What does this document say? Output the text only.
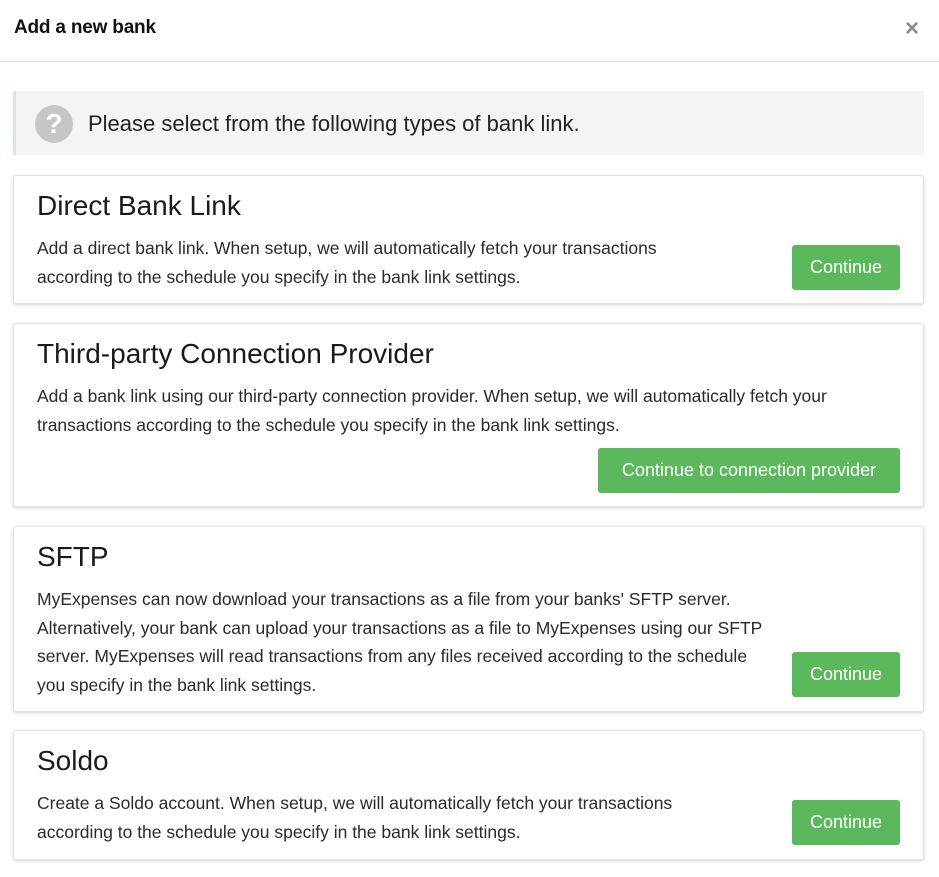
Add a new bank	×
?	Please select from the following types of bank link.
Direct Bank Link
Add a direct bank link. When setup, we will automatically fetch your transactions according to the schedule you specify in the bank link settings.	Continue
Third-party Connection Provider
Add a bank link using our third-party connection provider. When setup, we will automatically fetch your transactions according to the schedule you specify in the bank link settings.
Continue to connection provider
SFTP
MyExpenses can now download your transactions as a file from your banks' SFTP server. Alternatively, your bank can upload your transactions as a file to MyExpenses using our SFTP server. MyExpenses will read transactions from any files received according to the schedule you specify in the bank link settings.
Continue
Soldo
Create a Soldo account. When setup, we will automatically fetch your transactions according to the schedule you specify in the bank link settings.	Continue
